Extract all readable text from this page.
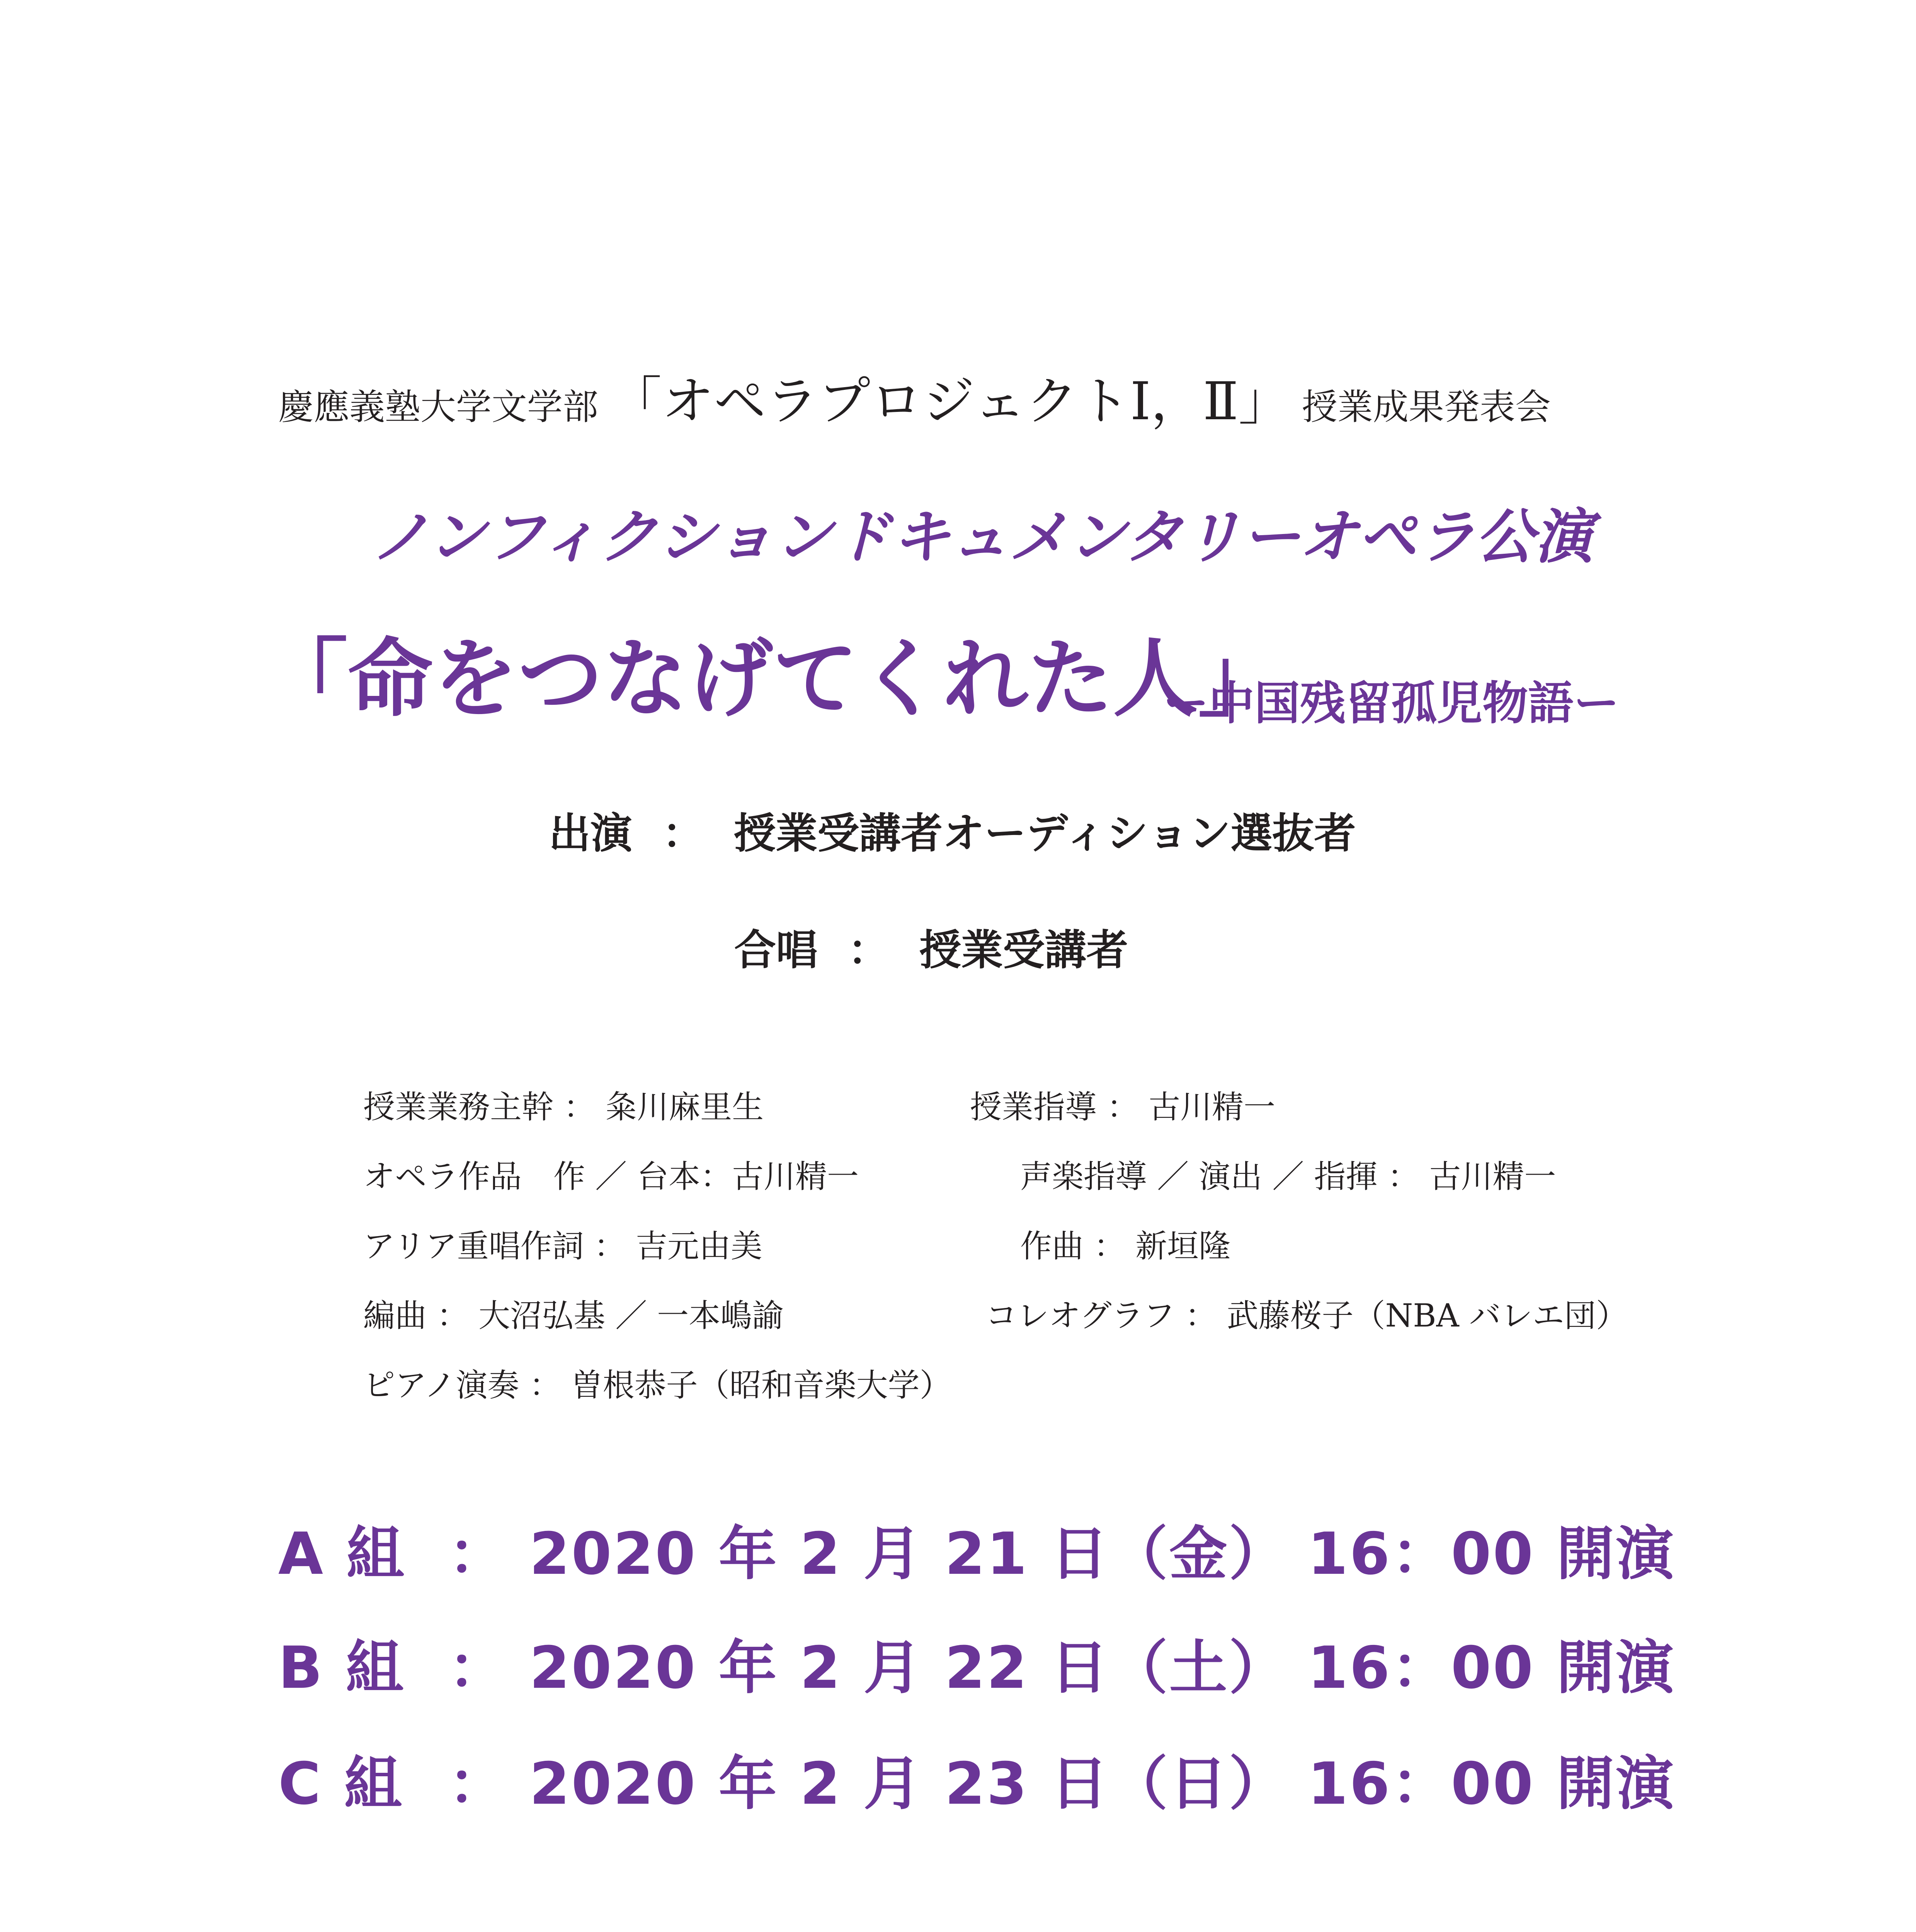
慶應義塾大学文学部 「オペラプロジェクトⅠ，Ⅱ」 授業成果発表会
ノンフィクションドキュメンタリーオペラ公演
「命をつなげてくれた人」
ー中国残留孤児物語ー
出演 ： 授業受講者オーディション選抜者
合唱 ： 授業受講者
授業業務主幹 ： 粂川麻里生
オペラ作品　作 ／ 台本：古川精一
アリア重唱作詞 ： 吉元由美
編曲 ： 大沼弘基 ／ 一本嶋諭
ピアノ演奏 ： 曽根恭子（昭和音楽大学）
授業指導 ： 古川精一
声楽指導 ／ 演出 ／ 指揮 ： 古川精一
作曲 ： 新垣隆
コレオグラフ ： 武藤桜子（NBA バレエ団）
A 組 ： 2020 年 2 月 21 日（金） 16：00 開演
B 組 ： 2020 年 2 月 22 日（土） 16：00 開演
C 組 ： 2020 年 2 月 23 日（日） 16：00 開演
